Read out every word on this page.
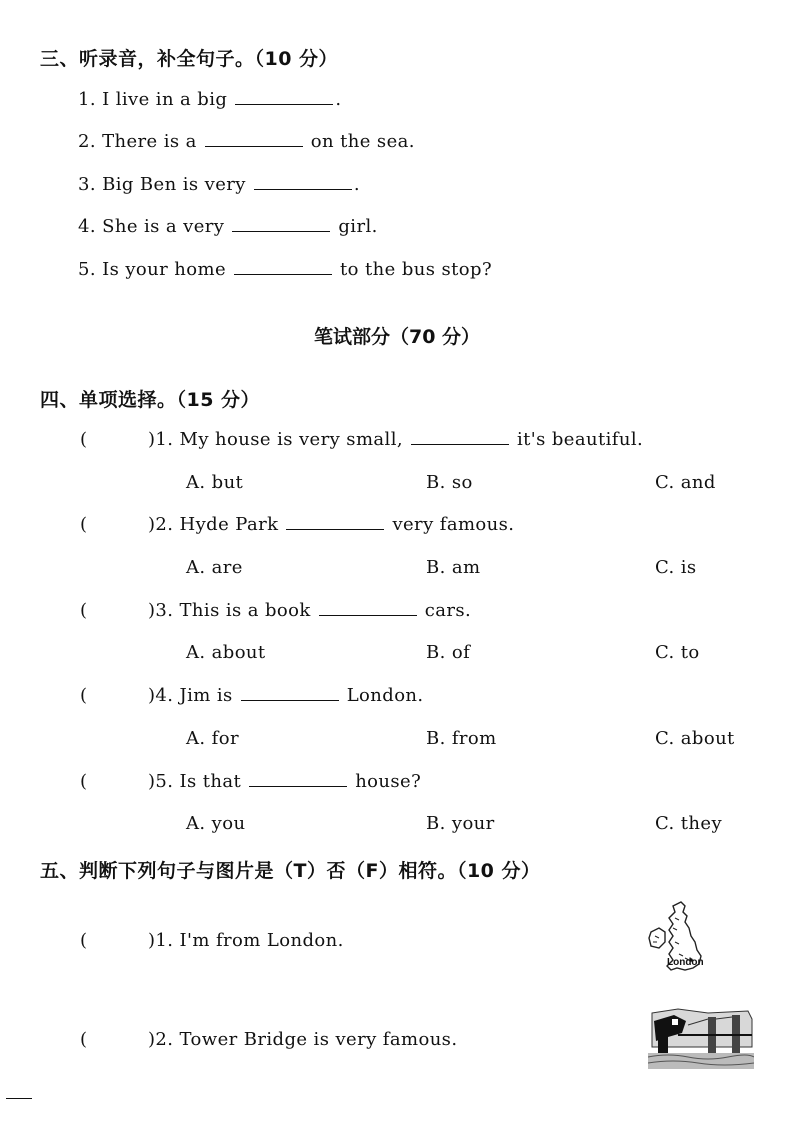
三、听录音，补全句子。（10 分）
1. I live in a big	.
2. There is a	on the sea.
3. Big Ben is very	.
4. She is a very	girl.
5. Is your home	to the bus stop?
笔试部分（70 分）
四、单项选择。（15 分）
(	)1. My house is very small,	it's beautiful.
A. but	B. so	C. and
(	)2. Hyde Park	very famous.
A. are	B. am	C. is
(	)3. This is a book	cars.
A. about	B. of	C. to
(	)4. Jim is	London.
A. for	B. from	C. about
(	)5. Is that	house?
A. you	B. your	C. they
五、判断下列句子与图片是（T）否（F）相符。（10 分）
(	)1. I'm from London.
London
(	)2. Tower Bridge is very famous.
